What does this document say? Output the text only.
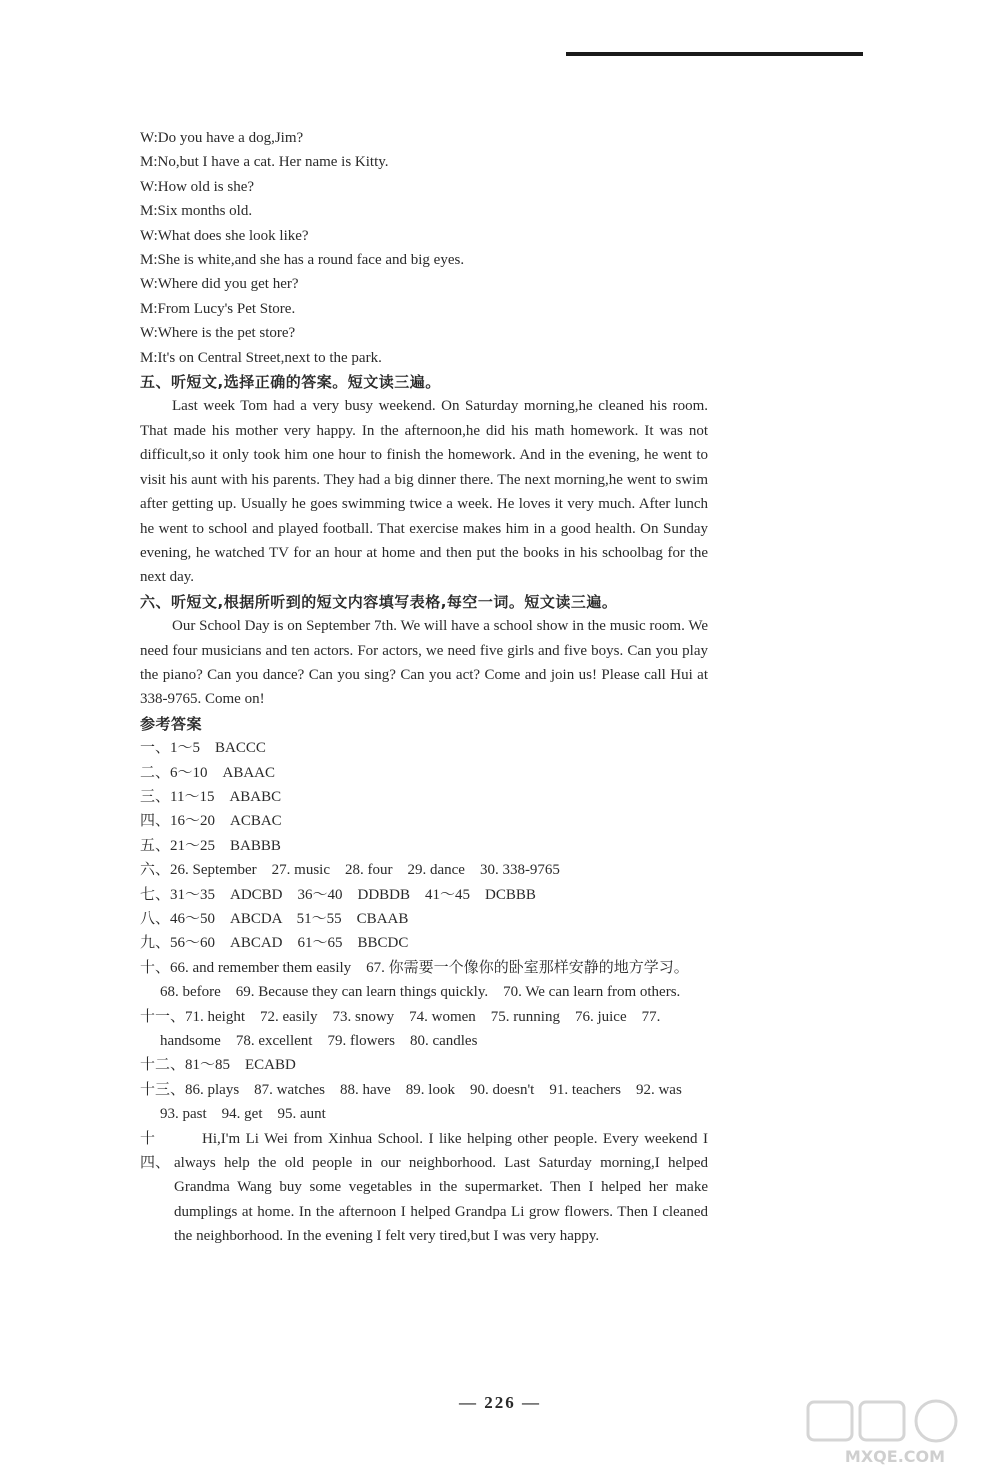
W:Do you have a dog,Jim?
M:No,but I have a cat. Her name is Kitty.
W:How old is she?
M:Six months old.
W:What does she look like?
M:She is white,and she has a round face and big eyes.
W:Where did you get her?
M:From Lucy's Pet Store.
W:Where is the pet store?
M:It's on Central Street,next to the park.
五、听短文,选择正确的答案。短文读三遍。
Last week Tom had a very busy weekend. On Saturday morning,he cleaned his room. That made his mother very happy. In the afternoon,he did his math homework. It was not difficult,so it only took him one hour to finish the homework. And in the evening, he went to visit his aunt with his parents. They had a big dinner there. The next morning,he went to swim after getting up. Usually he goes swimming twice a week. He loves it very much. After lunch he went to school and played football. That exercise makes him in a good health. On Sunday evening, he watched TV for an hour at home and then put the books in his schoolbag for the next day.
六、听短文,根据所听到的短文内容填写表格,每空一词。短文读三遍。
Our School Day is on September 7th. We will have a school show in the music room. We need four musicians and ten actors. For actors, we need five girls and five boys. Can you play the piano? Can you dance? Can you sing? Can you act? Come and join us! Please call Hui at 338-9765. Come on!
参考答案
一、1～5　BACCC
二、6～10　ABAAC
三、11～15　ABABC
四、16～20　ACBAC
五、21～25　BABBB
六、26. September　27. music　28. four　29. dance　30. 338-9765
七、31～35　ADCBD　36～40　DDBDB　41～45　DCBBB
八、46～50　ABCDA　51～55　CBAAB
九、56～60　ABCAD　61～65　BBCDC
十、66. and remember them easily　67. 你需要一个像你的卧室那样安静的地方学习。　68. before　69. Because they can learn things quickly.　70. We can learn from others.
十一、71. height　72. easily　73. snowy　74. women　75. running　76. juice　77. handsome　78. excellent　79. flowers　80. candles
十二、81～85　ECABD
十三、86. plays　87. watches　88. have　89. look　90. doesn't　91. teachers　92. was　93. past　94. get　95. aunt
十四、
Hi,I'm Li Wei from Xinhua School. I like helping other people. Every weekend I always help the old people in our neighborhood. Last Saturday morning,I helped Grandma Wang buy some vegetables in the supermarket. Then I helped her make dumplings at home. In the afternoon I helped Grandpa Li grow flowers. Then I cleaned the neighborhood. In the evening I felt very tired,but I was very happy.
— 226 —
MXQE.COM
